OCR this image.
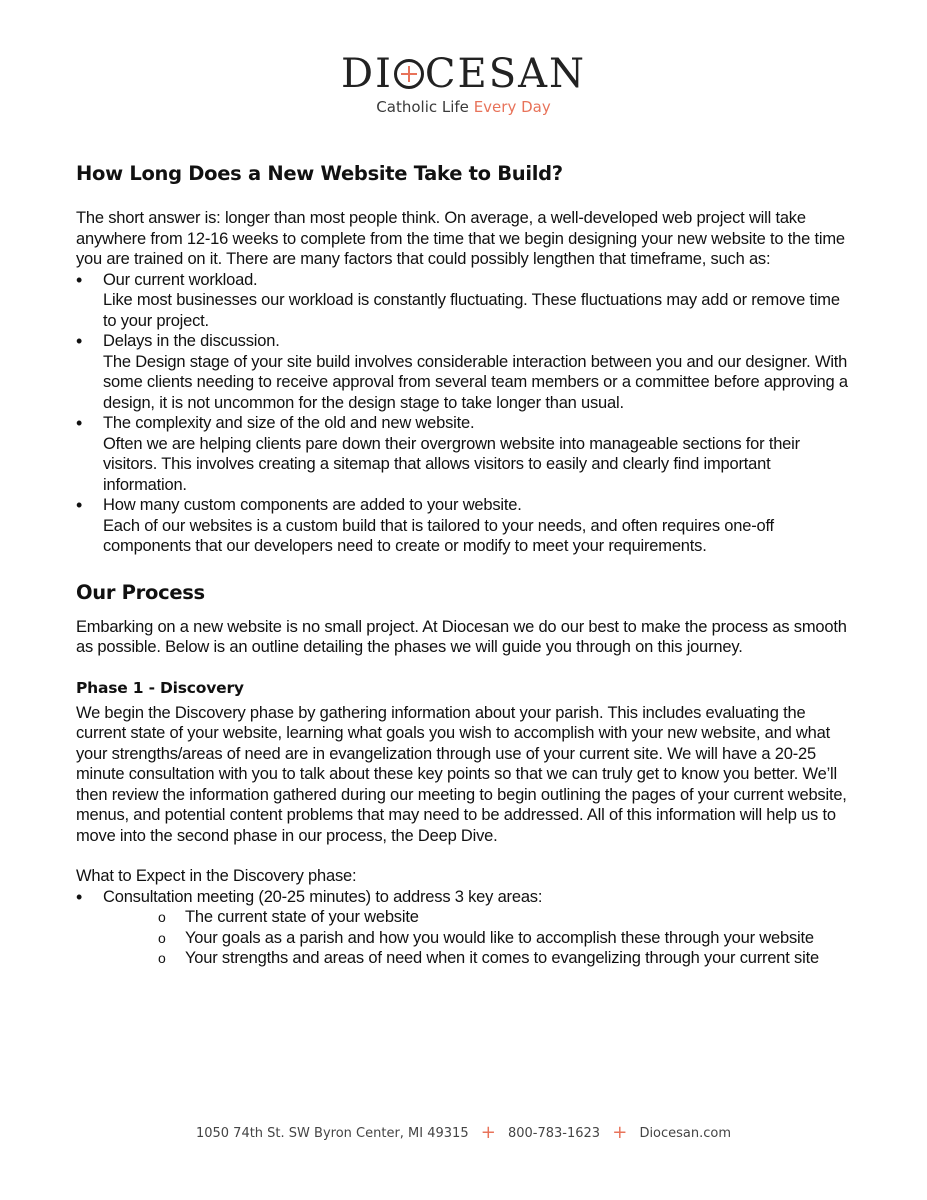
DI CESAN
Catholic Life Every Day
How Long Does a New Website Take to Build?

The short answer is: longer than most people think. On average, a well-developed web project will take anywhere from 12-16 weeks to complete from the time that we begin designing your new website to the time you are trained on it. There are many factors that could possibly lengthen that timeframe, such as:

• Our current workload.
Like most businesses our workload is constantly fluctuating. These fluctuations may add or remove time to your project.
• Delays in the discussion.
The Design stage of your site build involves considerable interaction between you and our designer. With some clients needing to receive approval from several team members or a committee before approving a design, it is not uncommon for the design stage to take longer than usual.
• The complexity and size of the old and new website.
Often we are helping clients pare down their overgrown website into manageable sections for their visitors. This involves creating a sitemap that allows visitors to easily and clearly find important information.
• How many custom components are added to your website.
Each of our websites is a custom build that is tailored to your needs, and often requires one-off components that our developers need to create or modify to meet your requirements.
Our Process

Embarking on a new website is no small project. At Diocesan we do our best to make the process as smooth as possible. Below is an outline detailing the phases we will guide you through on this journey.

Phase 1 - Discovery

We begin the Discovery phase by gathering information about your parish. This includes evaluating the current state of your website, learning what goals you wish to accomplish with your new website, and what your strengths/areas of need are in evangelization through use of your current site. We will have a 20-25 minute consultation with you to talk about these key points so that we can truly get to know you better. We’ll then review the information gathered during our meeting to begin outlining the pages of your current website, menus, and potential content problems that may need to be addressed. All of this information will help us to move into the second phase in our process, the Deep Dive.

What to Expect in the Discovery phase:

• Consultation meeting (20-25 minutes) to address 3 key areas:
o The current state of your website
o Your goals as a parish and how you would like to accomplish these through your website
o Your strengths and areas of need when it comes to evangelizing through your current site
1050 74th St. SW Byron Center, MI 49315 + 800-783-1623 + Diocesan.com
